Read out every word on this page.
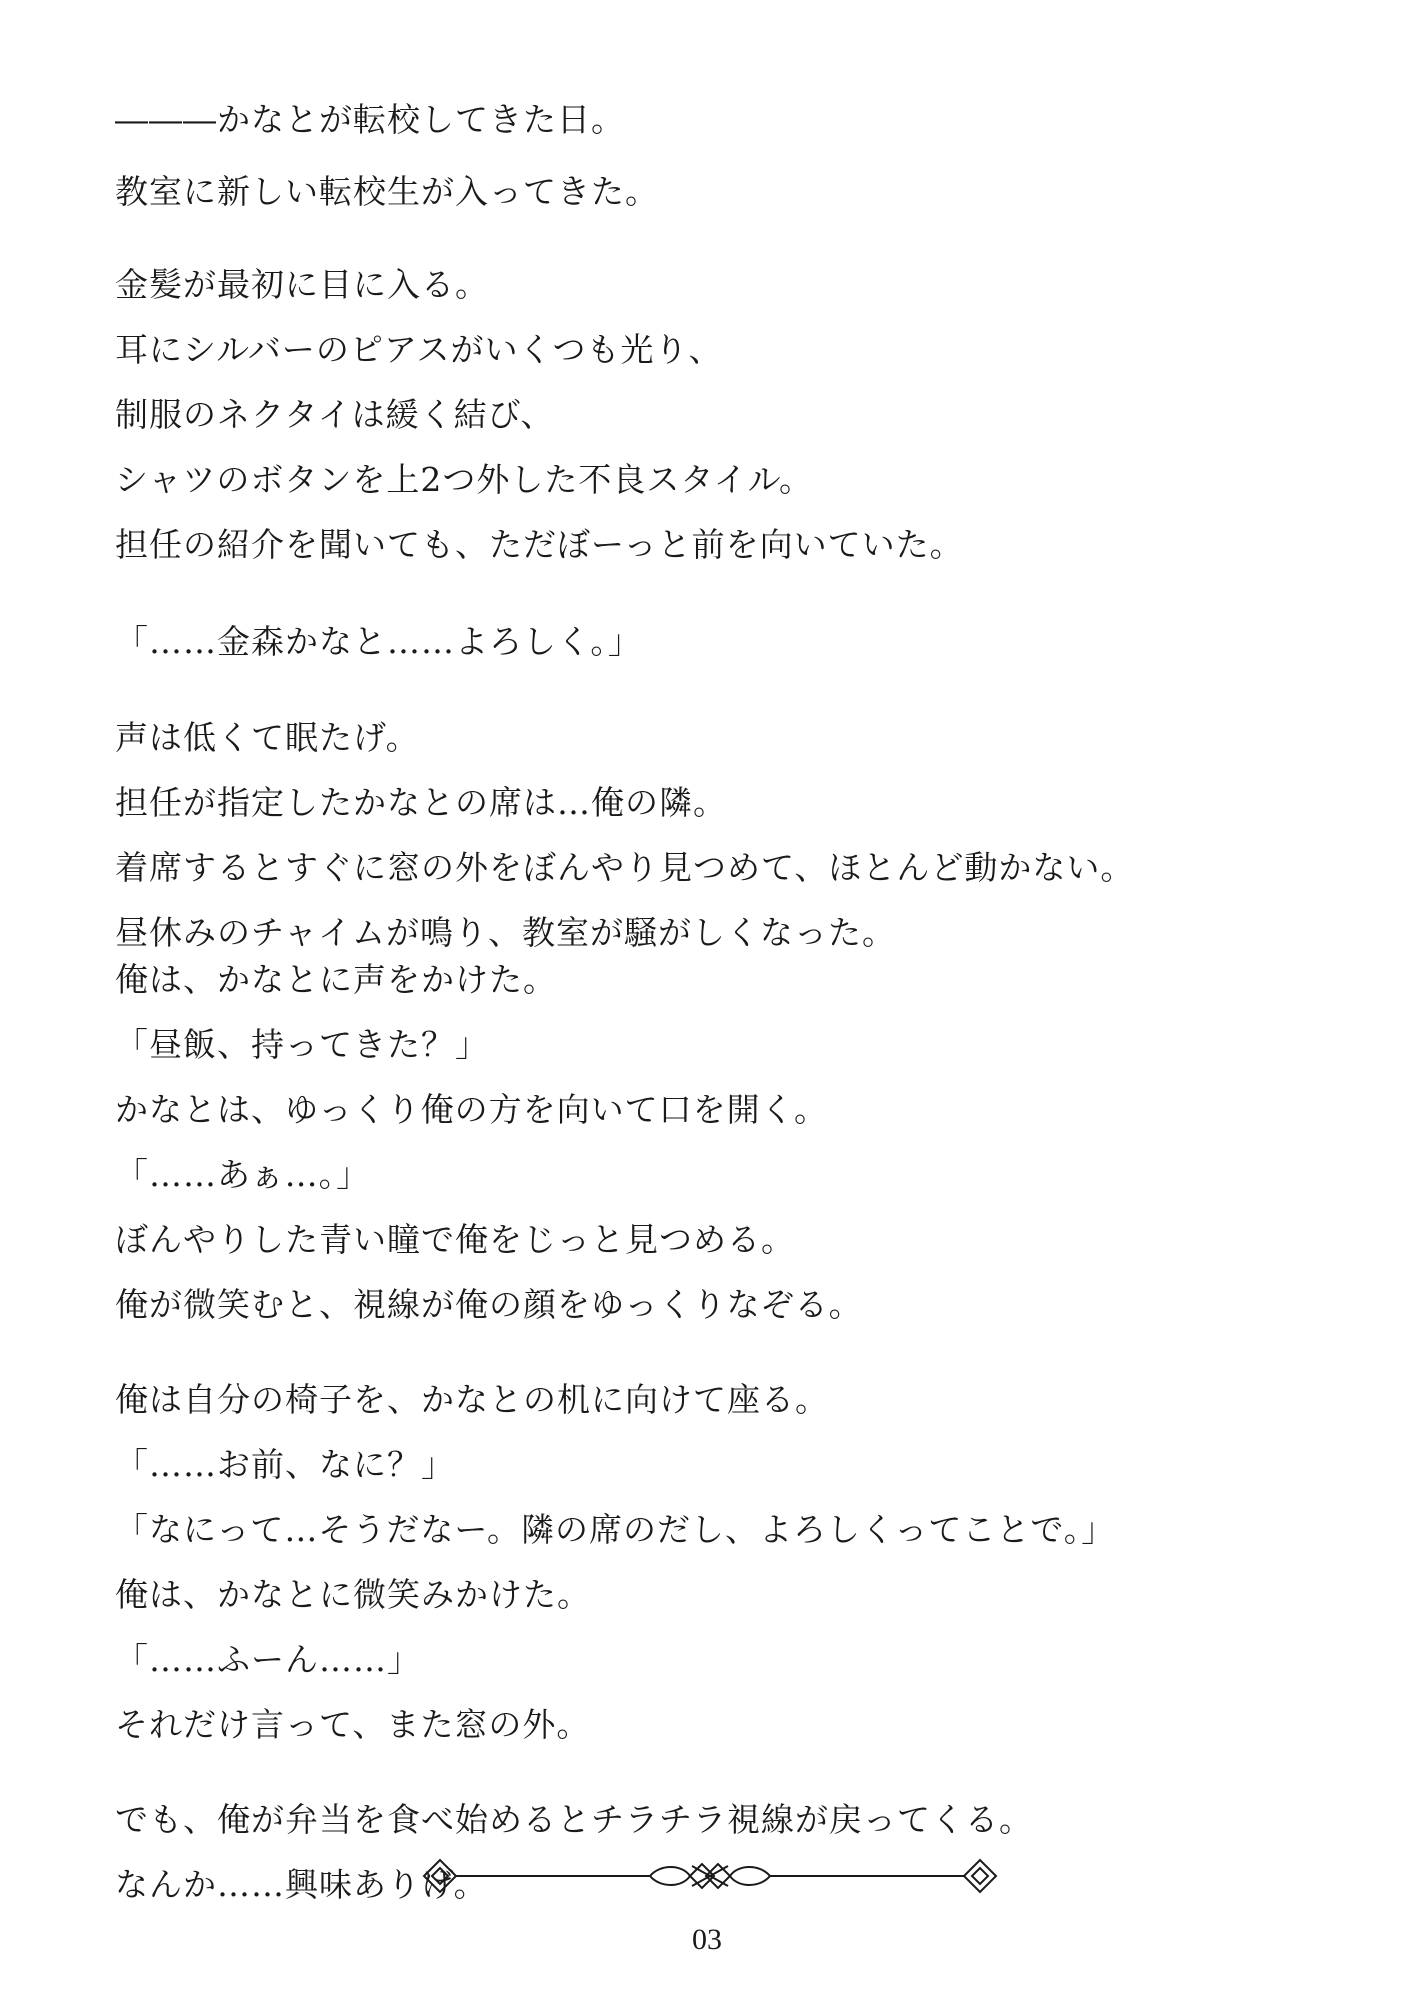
―――かなとが転校してきた日。
教室に新しい転校生が入ってきた。
金髪が最初に目に入る。
耳にシルバーのピアスがいくつも光り、
制服のネクタイは緩く結び、
シャツのボタンを上2つ外した不良スタイル。
担任の紹介を聞いても、ただぼーっと前を向いていた。
「……金森かなと……よろしく。」
声は低くて眠たげ。
担任が指定したかなとの席は…俺の隣。
着席するとすぐに窓の外をぼんやり見つめて、ほとんど動かない。
昼休みのチャイムが鳴り、教室が騒がしくなった。
俺は、かなとに声をかけた。
「昼飯、持ってきた？」
かなとは、ゆっくり俺の方を向いて口を開く。
「……あぁ…。」
ぼんやりした青い瞳で俺をじっと見つめる。
俺が微笑むと、視線が俺の顔をゆっくりなぞる。
俺は自分の椅子を、かなとの机に向けて座る。
「……お前、なに？」
「なにって…そうだなー。隣の席のだし、よろしくってことで。」
俺は、かなとに微笑みかけた。
「……ふーん……」
それだけ言って、また窓の外。
でも、俺が弁当を食べ始めるとチラチラ視線が戻ってくる。
なんか……興味ありげ。
03
